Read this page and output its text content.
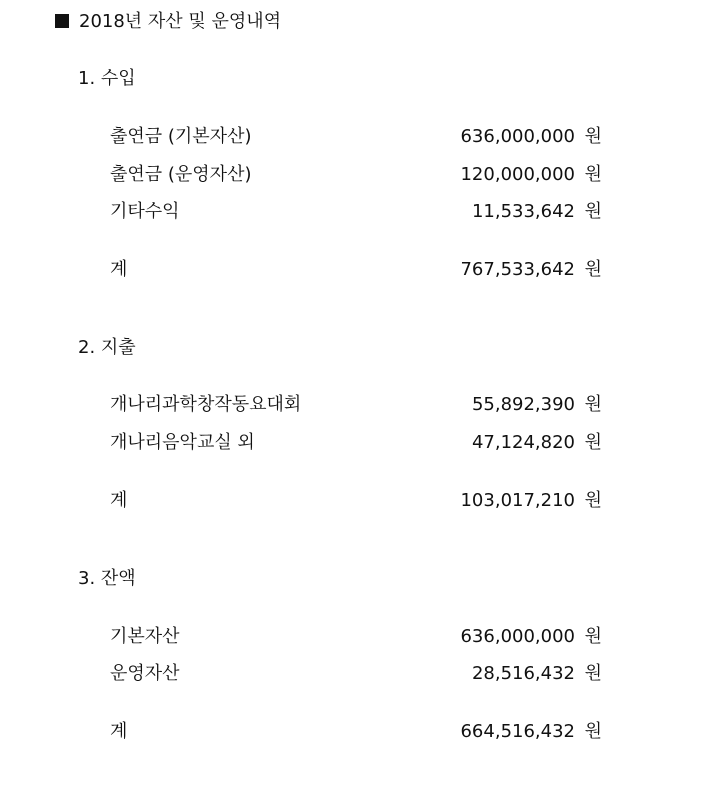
2018년 자산 및 운영내역
1. 수입
출연금 (기본자산)	636,000,000 원
출연금 (운영자산)	120,000,000 원
기타수익	11,533,642 원
계	767,533,642 원
2. 지출
개나리과학창작동요대회	55,892,390 원
개나리음악교실 외	47,124,820 원
계	103,017,210 원
3. 잔액
기본자산	636,000,000 원
운영자산	28,516,432 원
계	664,516,432 원
